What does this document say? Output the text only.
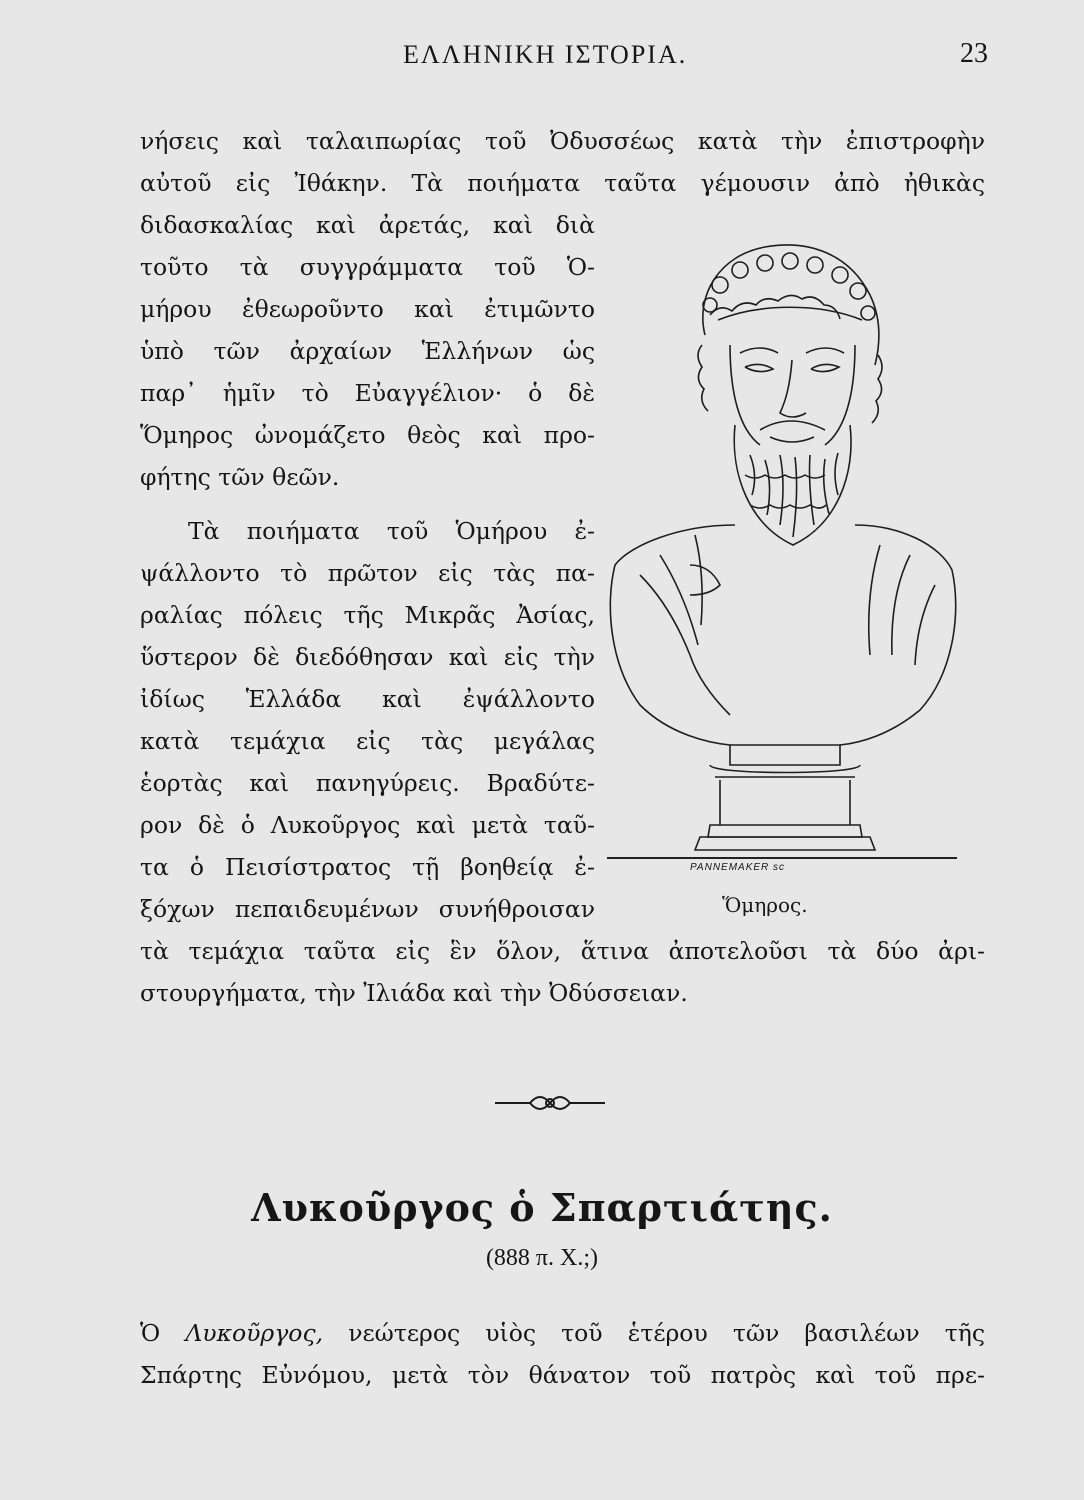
ΕΛΛΗΝΙΚΗ ΙΣΤΟΡΙΑ.	23
νήσεις καὶ ταλαιπωρίας τοῦ Ὀδυσσέως κατὰ τὴν ἐπιστροφὴν
αὐτοῦ εἰς Ἰθάκην. Τὰ ποιήματα ταῦτα γέμουσιν ἀπὸ ἠθικὰς
διδασκαλίας καὶ ἀρετάς, καὶ διὰ
τοῦτο τὰ συγγράμματα τοῦ Ὁ-
μήρου ἐθεωροῦντο καὶ ἐτιμῶντο
ὑπὸ τῶν ἀρχαίων Ἑλλήνων ὡς
παρ᾽ ἡμῖν τὸ Εὐαγγέλιον· ὁ δὲ
Ὅμηρος ὠνομάζετο θεὸς καὶ προ-
φήτης τῶν θεῶν.
Τὰ ποιήματα τοῦ Ὁμήρου ἐ-
ψάλλοντο τὸ πρῶτον εἰς τὰς πα-
ραλίας πόλεις τῆς Μικρᾶς Ἀσίας,
ὕστερον δὲ διεδόθησαν καὶ εἰς τὴν
ἰδίως Ἑλλάδα καὶ ἐψάλλοντο
κατὰ τεμάχια εἰς τὰς μεγάλας
ἑορτὰς καὶ πανηγύρεις. Βραδύτε-
ρον δὲ ὁ Λυκοῦργος καὶ μετὰ ταῦ-
τα ὁ Πεισίστρατος τῇ βοηθείᾳ ἐ-
ξόχων πεπαιδευμένων συνήθροισαν
τὰ τεμάχια ταῦτα εἰς ἓν ὅλον, ἅτινα ἀποτελοῦσι τὰ δύο ἀρι-
στουργήματα, τὴν Ἰλιάδα καὶ τὴν Ὀδύσσειαν.
PANNEMAKER sc
Ὅμηρος.
Λυκοῦργος ὁ Σπαρτιάτης.
(888 π. Χ.;)
Ὁ Λυκοῦργος, νεώτερος υἱὸς τοῦ ἑτέρου τῶν βασιλέων τῆς
Σπάρτης Εὐνόμου, μετὰ τὸν θάνατον τοῦ πατρὸς καὶ τοῦ πρε-
